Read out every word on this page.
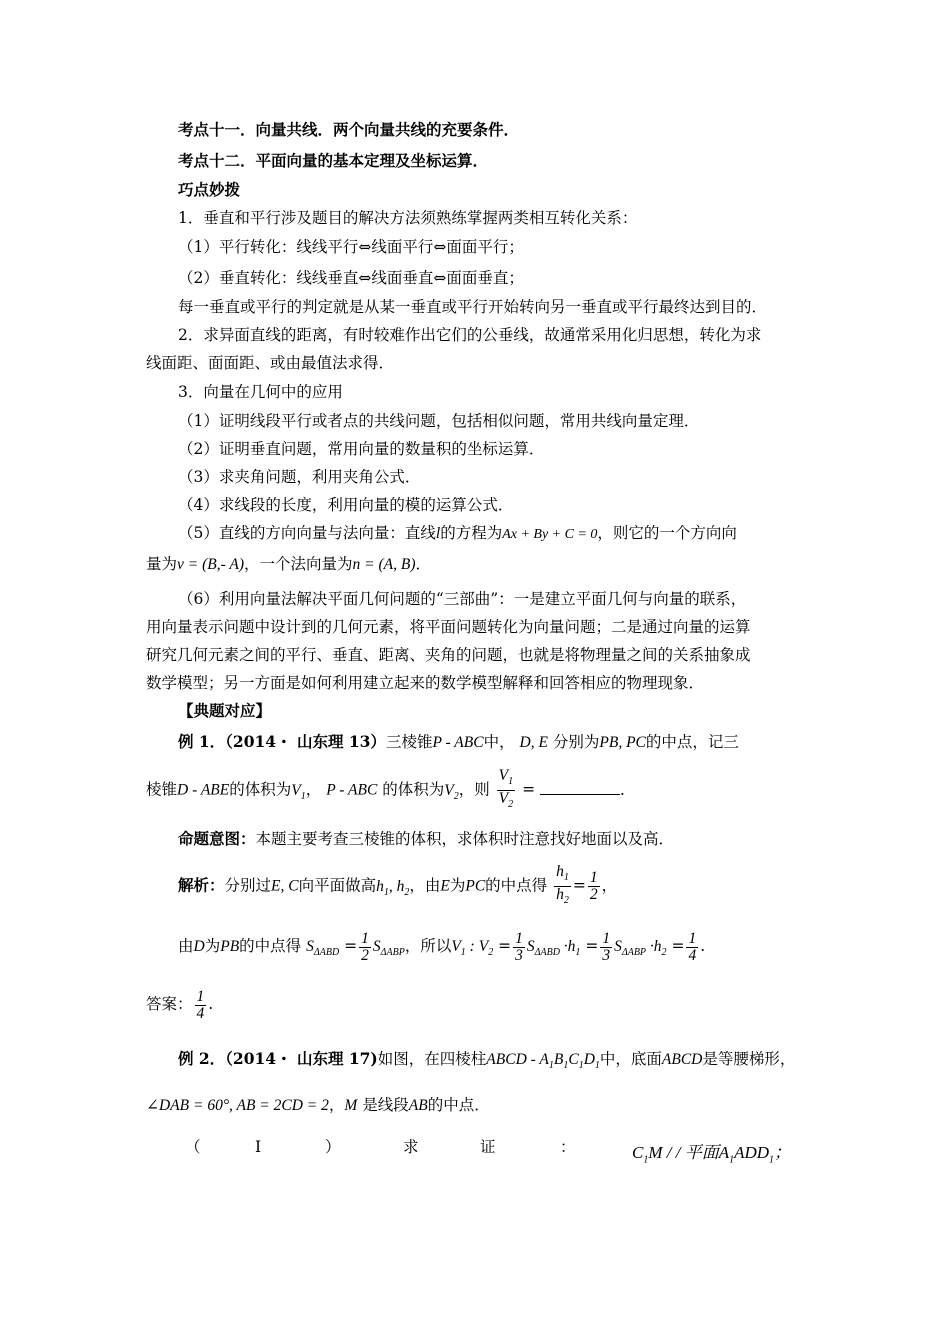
考点十一．向量共线．两个向量共线的充要条件．
考点十二．平面向量的基本定理及坐标运算．
巧点妙拨
1．垂直和平行涉及题目的解决方法须熟练掌握两类相互转化关系：
（1）平行转化：线线平行⇔线面平行⇔面面平行；
（2）垂直转化：线线垂直⇔线面垂直⇔面面垂直；
每一垂直或平行的判定就是从某一垂直或平行开始转向另一垂直或平行最终达到目的．
2．求异面直线的距离，有时较难作出它们的公垂线，故通常采用化归思想，转化为求
线面距、面面距、或由最值法求得．
3．向量在几何中的应用
（1）证明线段平行或者点的共线问题，包括相似问题，常用共线向量定理．
（2）证明垂直问题，常用向量的数量积的坐标运算．
（3）求夹角问题，利用夹角公式．
（4）求线段的长度，利用向量的模的运算公式．
（5）直线的方向向量与法向量：直线l的方程为Ax + By + C = 0，则它的一个方向向
量为v = (B,- A)，一个法向量为n = (A, B)．
（6）利用向量法解决平面几何问题的“三部曲”：一是建立平面几何与向量的联系，
用向量表示问题中设计到的几何元素，将平面问题转化为向量问题；二是通过向量的运算
研究几何元素之间的平行、垂直、距离、夹角的问题，也就是将物理量之间的关系抽象成
数学模型；另一方面是如何利用建立起来的数学模型解释和回答相应的物理现象．
【典题对应】
例 1．（2014・ 山东理 13）三棱锥P - ABC中， D, E 分别为PB, PC的中点，记三
棱锥D - ABE的体积为$V_1$， P - ABC 的体积为$V_2$，则 $\frac{V_1}{V_2}$ =	．
命题意图：本题主要考查三棱锥的体积，求体积时注意找好地面以及高．
解析：分别过E, C向平面做高$h_1$, $h_2$，由E为PC的中点得 $\frac{h_1}{h_2} = \frac{1}{2}$ ，
由D为PB的中点得 $S_{\Delta ABD} = \frac{1}{2} S_{\Delta ABP}$，所以$V_1$ : $V_2 = \frac{1}{3} S_{\Delta ABD} \cdot h_1 = \frac{1}{3} S_{\Delta ABP} \cdot h_2 = \frac{1}{4}$ .
答案： $\frac{1}{4}$ .
例 2．（2014・ 山东理 17)如图，在四棱柱ABCD - $A_1B_1C_1D_1$中，底面ABCD是等腰梯形，
∠DAB = 60°, AB = 2CD = 2，M 是线段AB的中点．
（	Ⅰ	）	求	证	：	$C_1M$ / / 平面$A_1ADD_1$；
